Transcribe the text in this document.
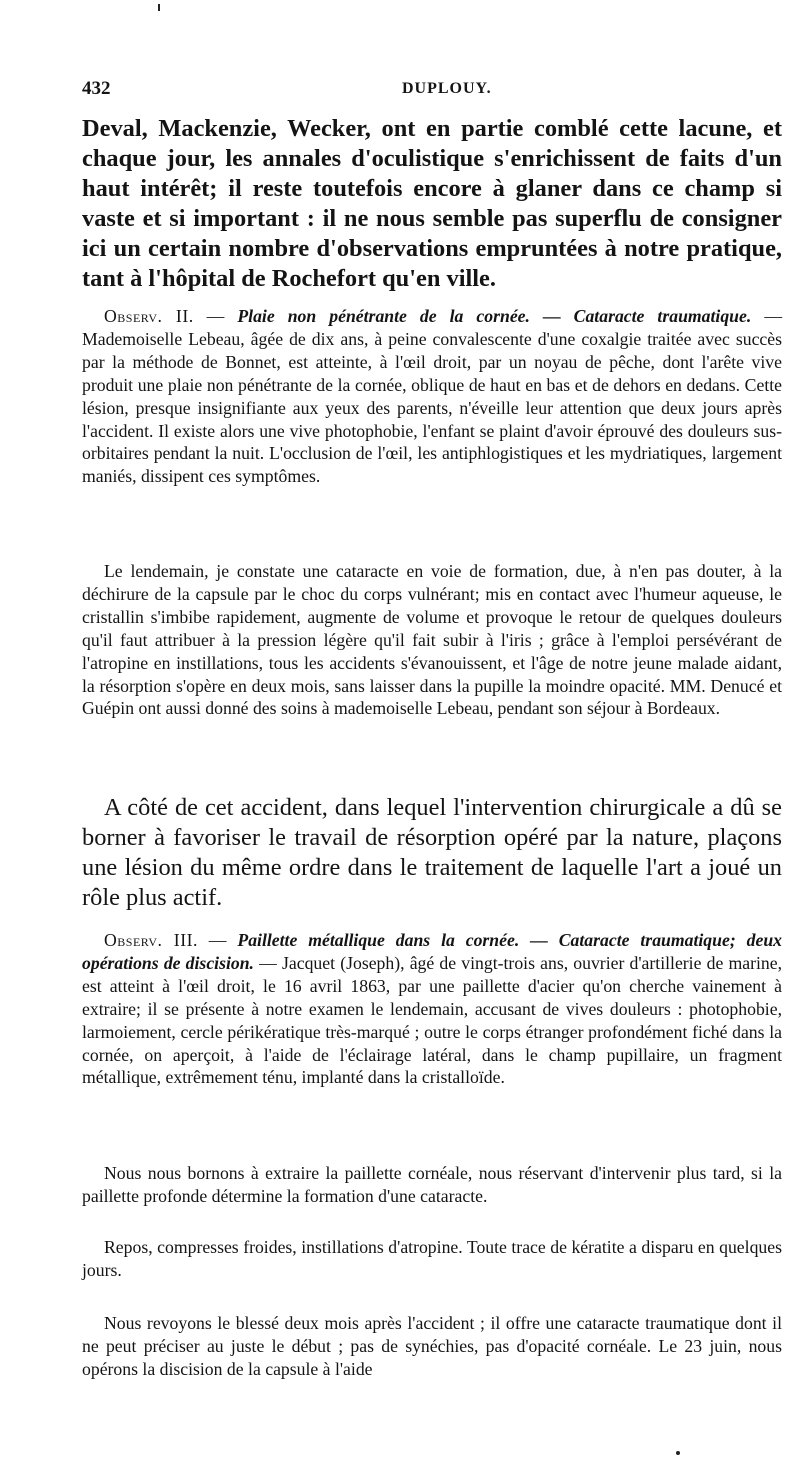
432	DUPLOUY.

Deval, Mackenzie, Wecker, ont en partie comblé cette lacune, et chaque jour, les annales d'oculistique s'enrichissent de faits d'un haut intérêt; il reste toutefois encore à glaner dans ce champ si vaste et si important : il ne nous semble pas superflu de consigner ici un certain nombre d'observations empruntées à notre pratique, tant à l'hôpital de Rochefort qu'en ville.

Observ. II. — Plaie non pénétrante de la cornée. — Cataracte traumatique. — Mademoiselle Lebeau, âgée de dix ans, à peine convalescente d'une coxalgie traitée avec succès par la méthode de Bonnet, est atteinte, à l'œil droit, par un noyau de pêche, dont l'arête vive produit une plaie non pénétrante de la cornée, oblique de haut en bas et de dehors en dedans. Cette lésion, presque insignifiante aux yeux des parents, n'éveille leur attention que deux jours après l'accident. Il existe alors une vive photophobie, l'enfant se plaint d'avoir éprouvé des douleurs sus-orbitaires pendant la nuit. L'occlusion de l'œil, les antiphlogistiques et les mydriatiques, largement maniés, dissipent ces symptômes.

Le lendemain, je constate une cataracte en voie de formation, due, à n'en pas douter, à la déchirure de la capsule par le choc du corps vulnérant; mis en contact avec l'humeur aqueuse, le cristallin s'imbibe rapidement, augmente de volume et provoque le retour de quelques douleurs qu'il faut attribuer à la pression légère qu'il fait subir à l'iris ; grâce à l'emploi persévérant de l'atropine en instillations, tous les accidents s'évanouissent, et l'âge de notre jeune malade aidant, la résorption s'opère en deux mois, sans laisser dans la pupille la moindre opacité. MM. Denucé et Guépin ont aussi donné des soins à mademoiselle Lebeau, pendant son séjour à Bordeaux.

A côté de cet accident, dans lequel l'intervention chirurgicale a dû se borner à favoriser le travail de résorption opéré par la nature, plaçons une lésion du même ordre dans le traitement de laquelle l'art a joué un rôle plus actif.

Observ. III. — Paillette métallique dans la cornée. — Cataracte traumatique; deux opérations de discision. — Jacquet (Joseph), âgé de vingt-trois ans, ouvrier d'artillerie de marine, est atteint à l'œil droit, le 16 avril 1863, par une paillette d'acier qu'on cherche vainement à extraire; il se présente à notre examen le lendemain, accusant de vives douleurs : photophobie, larmoiement, cercle périkératique très-marqué ; outre le corps étranger profondément fiché dans la cornée, on aperçoit, à l'aide de l'éclairage latéral, dans le champ pupillaire, un fragment métallique, extrêmement ténu, implanté dans la cristalloïde.

Nous nous bornons à extraire la paillette cornéale, nous réservant d'intervenir plus tard, si la paillette profonde détermine la formation d'une cataracte.

Repos, compresses froides, instillations d'atropine. Toute trace de kératite a disparu en quelques jours.

Nous revoyons le blessé deux mois après l'accident ; il offre une cataracte traumatique dont il ne peut préciser au juste le début ; pas de synéchies, pas d'opacité cornéale. Le 23 juin, nous opérons la discision de la capsule à l'aide
